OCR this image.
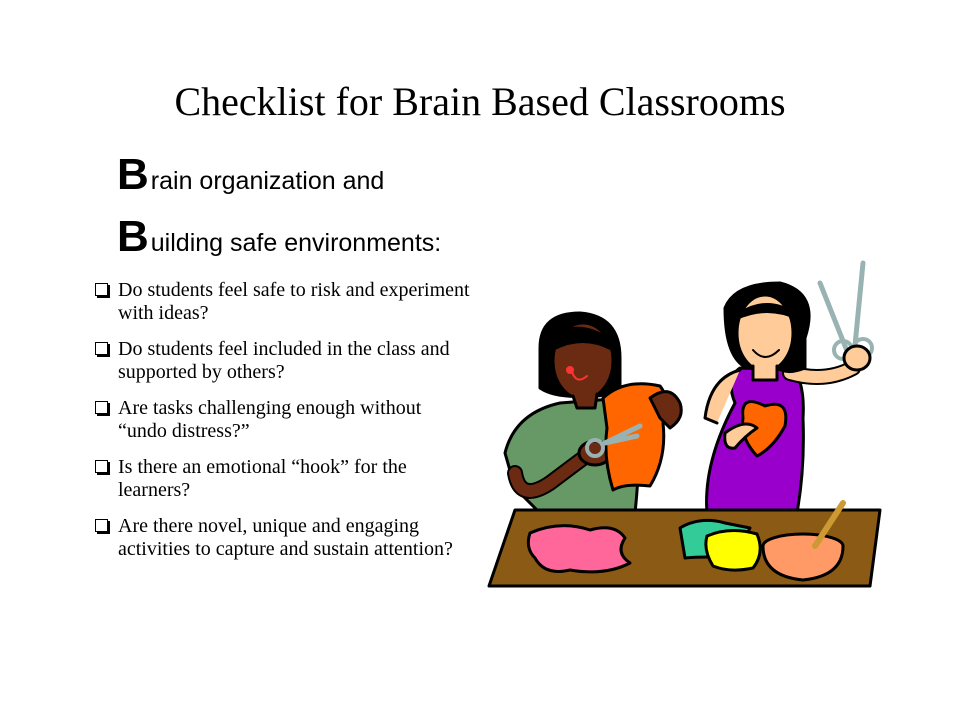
Checklist for Brain Based Classrooms
Brain organization and
Building safe environments:
Do students feel safe to risk and experiment with ideas?
Do students feel included in the class and supported by others?
Are tasks challenging enough without “undo distress?”
Is there an emotional “hook” for the learners?
Are there novel, unique and engaging activities to capture and sustain attention?
